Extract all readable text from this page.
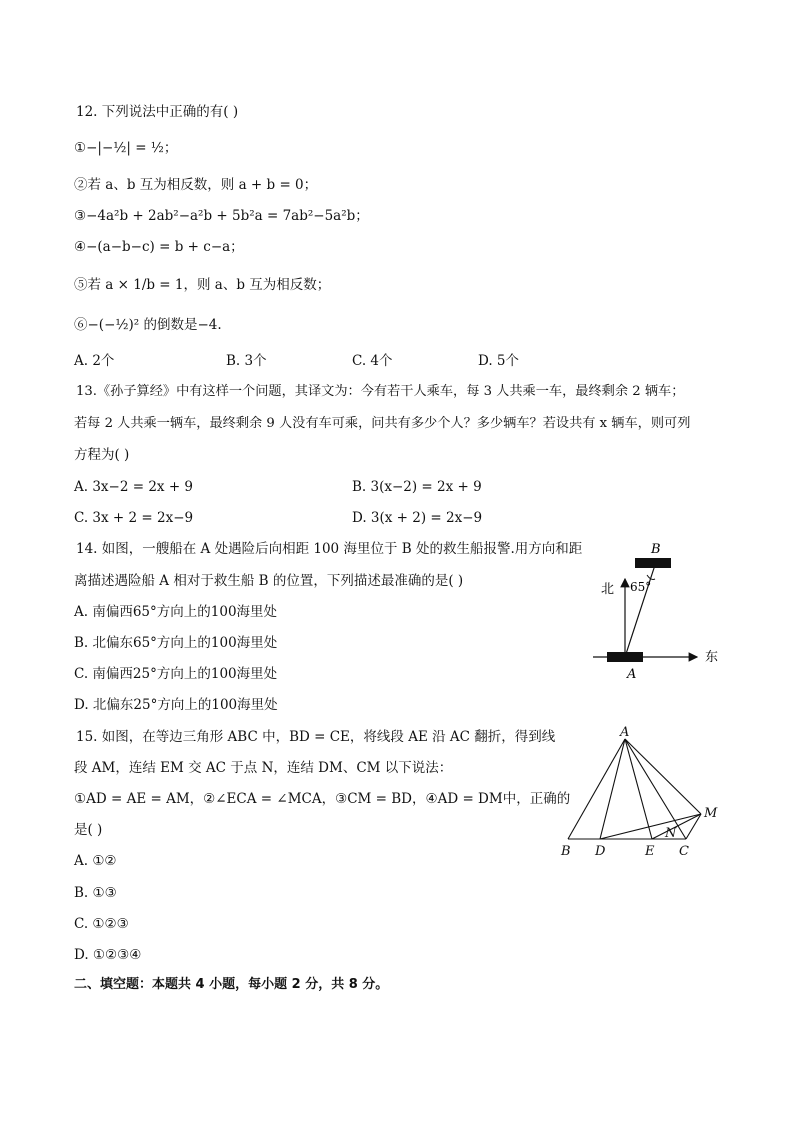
12. 下列说法中正确的有( )
①−|−½| = ½；
②若 a、b 互为相反数，则 a + b = 0；
③−4a²b + 2ab²−a²b + 5b²a = 7ab²−5a²b；
④−(a−b−c) = b + c−a；
⑤若 a × 1/b = 1，则 a、b 互为相反数；
⑥−(−½)² 的倒数是−4.
A. 2个	B. 3个	C. 4个	D. 5个
13.《孙子算经》中有这样一个问题，其译文为：今有若干人乘车，每 3 人共乘一车，最终剩余 2 辆车；
若每 2 人共乘一辆车，最终剩余 9 人没有车可乘，问共有多少个人？多少辆车？若设共有 x 辆车，则可列
方程为( )
A. 3x−2 = 2x + 9	B. 3(x−2) = 2x + 9
C. 3x + 2 = 2x−9	D. 3(x + 2) = 2x−9
14. 如图，一艘船在 A 处遇险后向相距 100 海里位于 B 处的救生船报警.用方向和距
离描述遇险船 A 相对于救生船 B 的位置，下列描述最准确的是( )
A. 南偏西65°方向上的100海里处
B. 北偏东65°方向上的100海里处
C. 南偏西25°方向上的100海里处
D. 北偏东25°方向上的100海里处
B
A
北
东
65°
15. 如图，在等边三角形 ABC 中，BD = CE，将线段 AE 沿 AC 翻折，得到线
段 AM，连结 EM 交 AC 于点 N，连结 DM、CM 以下说法：
①AD = AE = AM，②∠ECA = ∠MCA，③CM = BD，④AD = DM中，正确的
是( )
A. ①②
B. ①③
C. ①②③
D. ①②③④
A
B D	E C
M
N
二、填空题：本题共 4 小题，每小题 2 分，共 8 分。
